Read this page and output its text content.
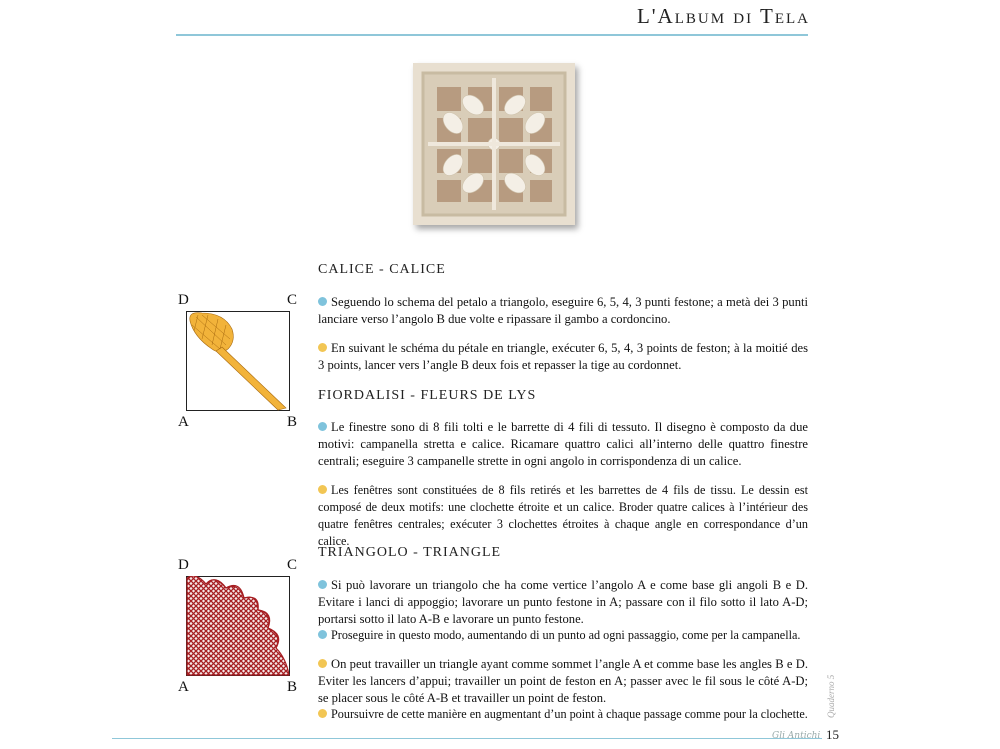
L'Album di Tela
CALICE - CALICE
Seguendo lo schema del petalo a triangolo, eseguire 6, 5, 4, 3 punti festone; a metà dei 3 punti lanciare verso l’angolo B due volte e ripassare il gambo a cordoncino.
En suivant le schéma du pétale en triangle, exécuter 6, 5, 4, 3 points de feston; à la moitié des 3 points, lancer vers l’angle B deux fois et repasser la tige au cordonnet.
FIORDALISI - FLEURS DE LYS
Le finestre sono di 8 fili tolti e le barrette di 4 fili di tessuto. Il disegno è composto da due motivi: campanella stretta e calice. Ricamare quattro calici all’interno delle quattro finestre centrali; eseguire 3 campanelle strette in ogni angolo in corrispondenza di un calice.
Les fenêtres sont constituées de 8 fils retirés et les barrettes de 4 fils de tissu. Le dessin est composé de deux motifs: une clochette étroite et un calice. Broder quatre calices à l’intérieur des quatre fenêtres centrales; exécuter 3 clochettes étroites à chaque angle en correspondance d’un calice.
TRIANGOLO - TRIANGLE
Si può lavorare un triangolo che ha come vertice l’angolo A e come base gli angoli B e D. Evitare i lanci di appoggio; lavorare un punto festone in A; passare con il filo sotto il lato A-D; portarsi sotto il lato A-B e lavorare un punto festone.
Proseguire in questo modo, aumentando di un punto ad ogni passaggio, come per la campanella.
On peut travailler un triangle ayant comme sommet l’angle A et comme base les angles B e D. Eviter les lancers d’appui; travailler un point de feston en A; passer avec le fil sous le côté A-D; se placer sous le côté A-B et travailler un point de feston.
Poursuivre de cette manière en augmentant d’un point à chaque passage comme pour la clochette.
D	C
A	B
D	C
A	B
Gli Antichi 15
Quaderno 5
